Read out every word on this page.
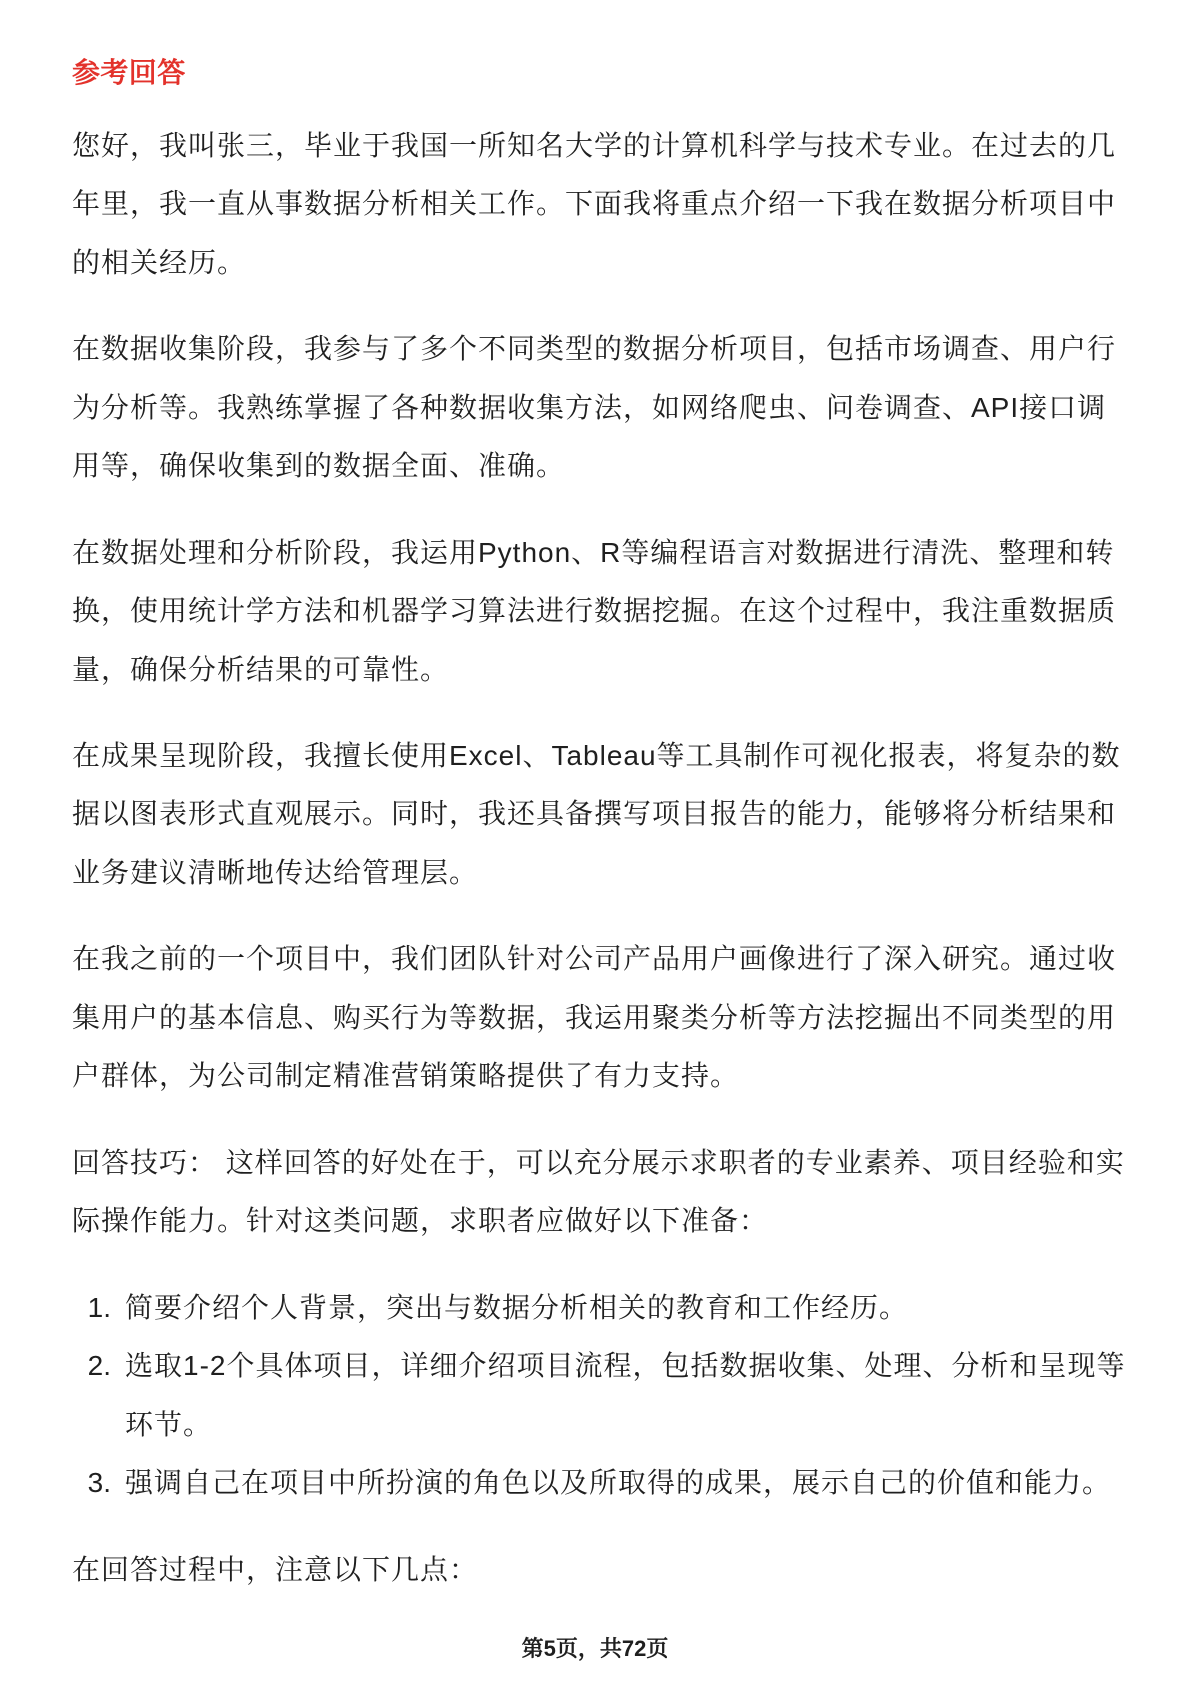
参考回答
您好，我叫张三，毕业于我国一所知名大学的计算机科学与技术专业。在过去的几
年里，我一直从事数据分析相关工作。下面我将重点介绍一下我在数据分析项目中
的相关经历。
在数据收集阶段，我参与了多个不同类型的数据分析项目，包括市场调查、用户行
为分析等。我熟练掌握了各种数据收集方法，如网络爬虫、问卷调查、API接口调
用等，确保收集到的数据全面、准确。
在数据处理和分析阶段，我运用Python、R等编程语言对数据进行清洗、整理和转
换，使用统计学方法和机器学习算法进行数据挖掘。在这个过程中，我注重数据质
量，确保分析结果的可靠性。
在成果呈现阶段，我擅长使用Excel、Tableau等工具制作可视化报表，将复杂的数
据以图表形式直观展示。同时，我还具备撰写项目报告的能力，能够将分析结果和
业务建议清晰地传达给管理层。
在我之前的一个项目中，我们团队针对公司产品用户画像进行了深入研究。通过收
集用户的基本信息、购买行为等数据，我运用聚类分析等方法挖掘出不同类型的用
户群体，为公司制定精准营销策略提供了有力支持。
回答技巧： 这样回答的好处在于，可以充分展示求职者的专业素养、项目经验和实
际操作能力。针对这类问题，求职者应做好以下准备：
1. 简要介绍个人背景，突出与数据分析相关的教育和工作经历。
2. 选取1-2个具体项目，详细介绍项目流程，包括数据收集、处理、分析和呈现等
环节。
3. 强调自己在项目中所扮演的角色以及所取得的成果，展示自己的价值和能力。
在回答过程中，注意以下几点：
第5页，共72页
